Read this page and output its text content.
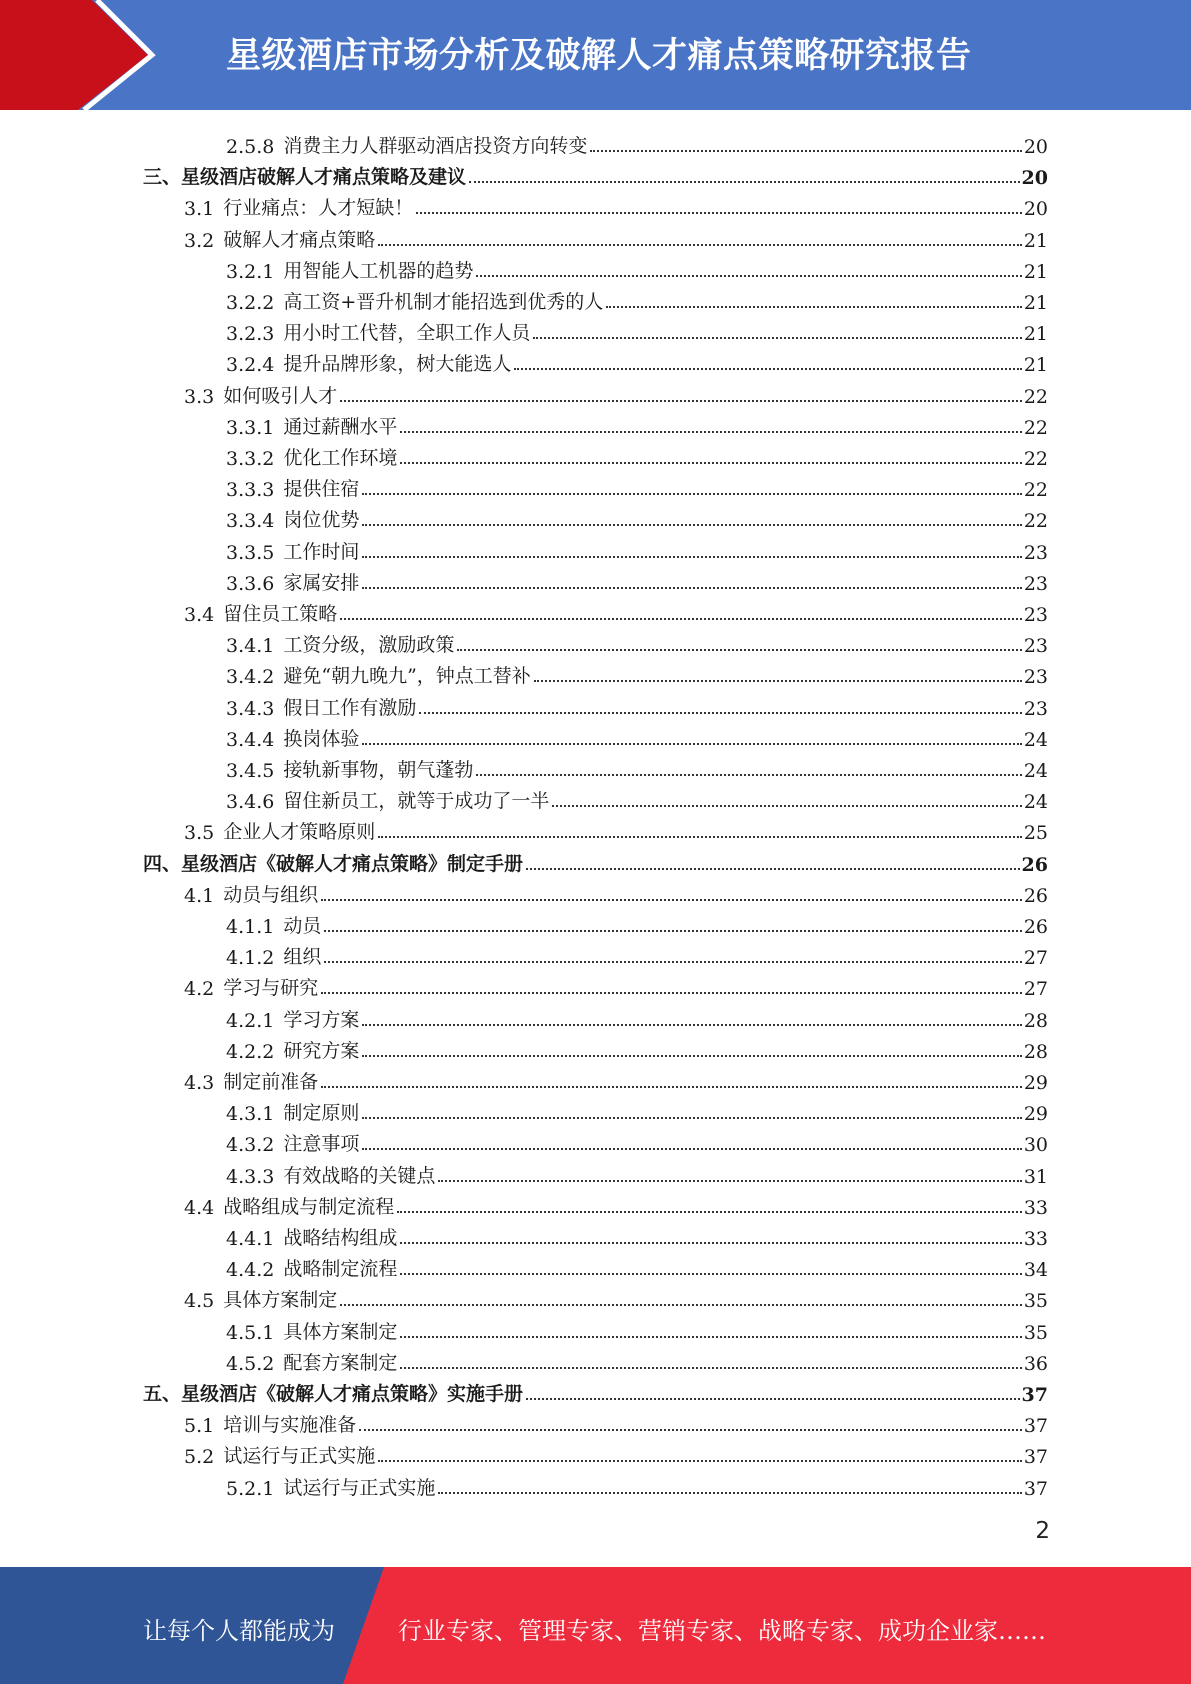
星级酒店市场分析及破解人才痛点策略研究报告
2.5.8 消费主力人群驱动酒店投资方向转变	20
三、星级酒店破解人才痛点策略及建议	20
3.1 行业痛点：人才短缺！	20
3.2 破解人才痛点策略	21
3.2.1 用智能人工机器的趋势	21
3.2.2 高工资+晋升机制才能招选到优秀的人	21
3.2.3 用小时工代替，全职工作人员	21
3.2.4 提升品牌形象，树大能选人	21
3.3 如何吸引人才	22
3.3.1 通过薪酬水平	22
3.3.2 优化工作环境	22
3.3.3 提供住宿	22
3.3.4 岗位优势	22
3.3.5 工作时间	23
3.3.6 家属安排	23
3.4 留住员工策略	23
3.4.1 工资分级，激励政策	23
3.4.2 避免“朝九晚九”，钟点工替补	23
3.4.3 假日工作有激励	23
3.4.4 换岗体验	24
3.4.5 接轨新事物，朝气蓬勃	24
3.4.6 留住新员工，就等于成功了一半	24
3.5 企业人才策略原则	25
四、星级酒店《破解人才痛点策略》制定手册	26
4.1 动员与组织	26
4.1.1 动员	26
4.1.2 组织	27
4.2 学习与研究	27
4.2.1 学习方案	28
4.2.2 研究方案	28
4.3 制定前准备	29
4.3.1 制定原则	29
4.3.2 注意事项	30
4.3.3 有效战略的关键点	31
4.4 战略组成与制定流程	33
4.4.1 战略结构组成	33
4.4.2 战略制定流程	34
4.5 具体方案制定	35
4.5.1 具体方案制定	35
4.5.2 配套方案制定	36
五、星级酒店《破解人才痛点策略》实施手册	37
5.1 培训与实施准备	37
5.2 试运行与正式实施	37
5.2.1 试运行与正式实施	37
2
让每个人都能成为	行业专家、管理专家、营销专家、战略专家、成功企业家……
